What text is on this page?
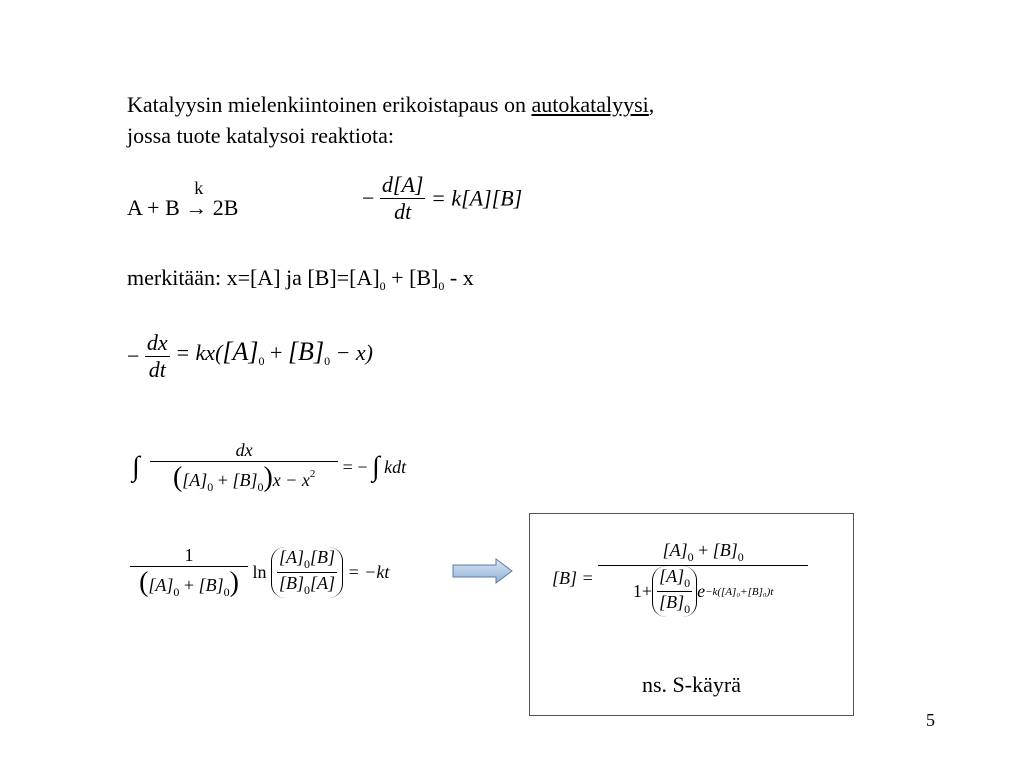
Katalyysin mielenkiintoinen erikoistapaus on autokatalyysi,
jossa tuote katalysoi reaktiota:
A + B
k
→ 2B	− $\frac{d[A]}{dt} = k[A][B]$
merkitään: x=[A] ja $[B]=[A]_0 + [B]_0 - x$
− $\frac{dx}{dt} = kx([A]_0 + [B]_0 - x)$
∫ $\frac{dx}{([A]_0 + [B]_0)x - x^2}$ = − ∫ kdt
$\frac{1}{([A]_0 + [B]_0)}$ $\ln \frac{[A]_0[B]}{[B]_0[A]} = -kt$	[B] =
$[A]_0 + [B]_0$
$1+ \frac{[A]_0}{[B]_0}$ e −k([A]₀+[B]₀)t
ns. S-käyrä
5
